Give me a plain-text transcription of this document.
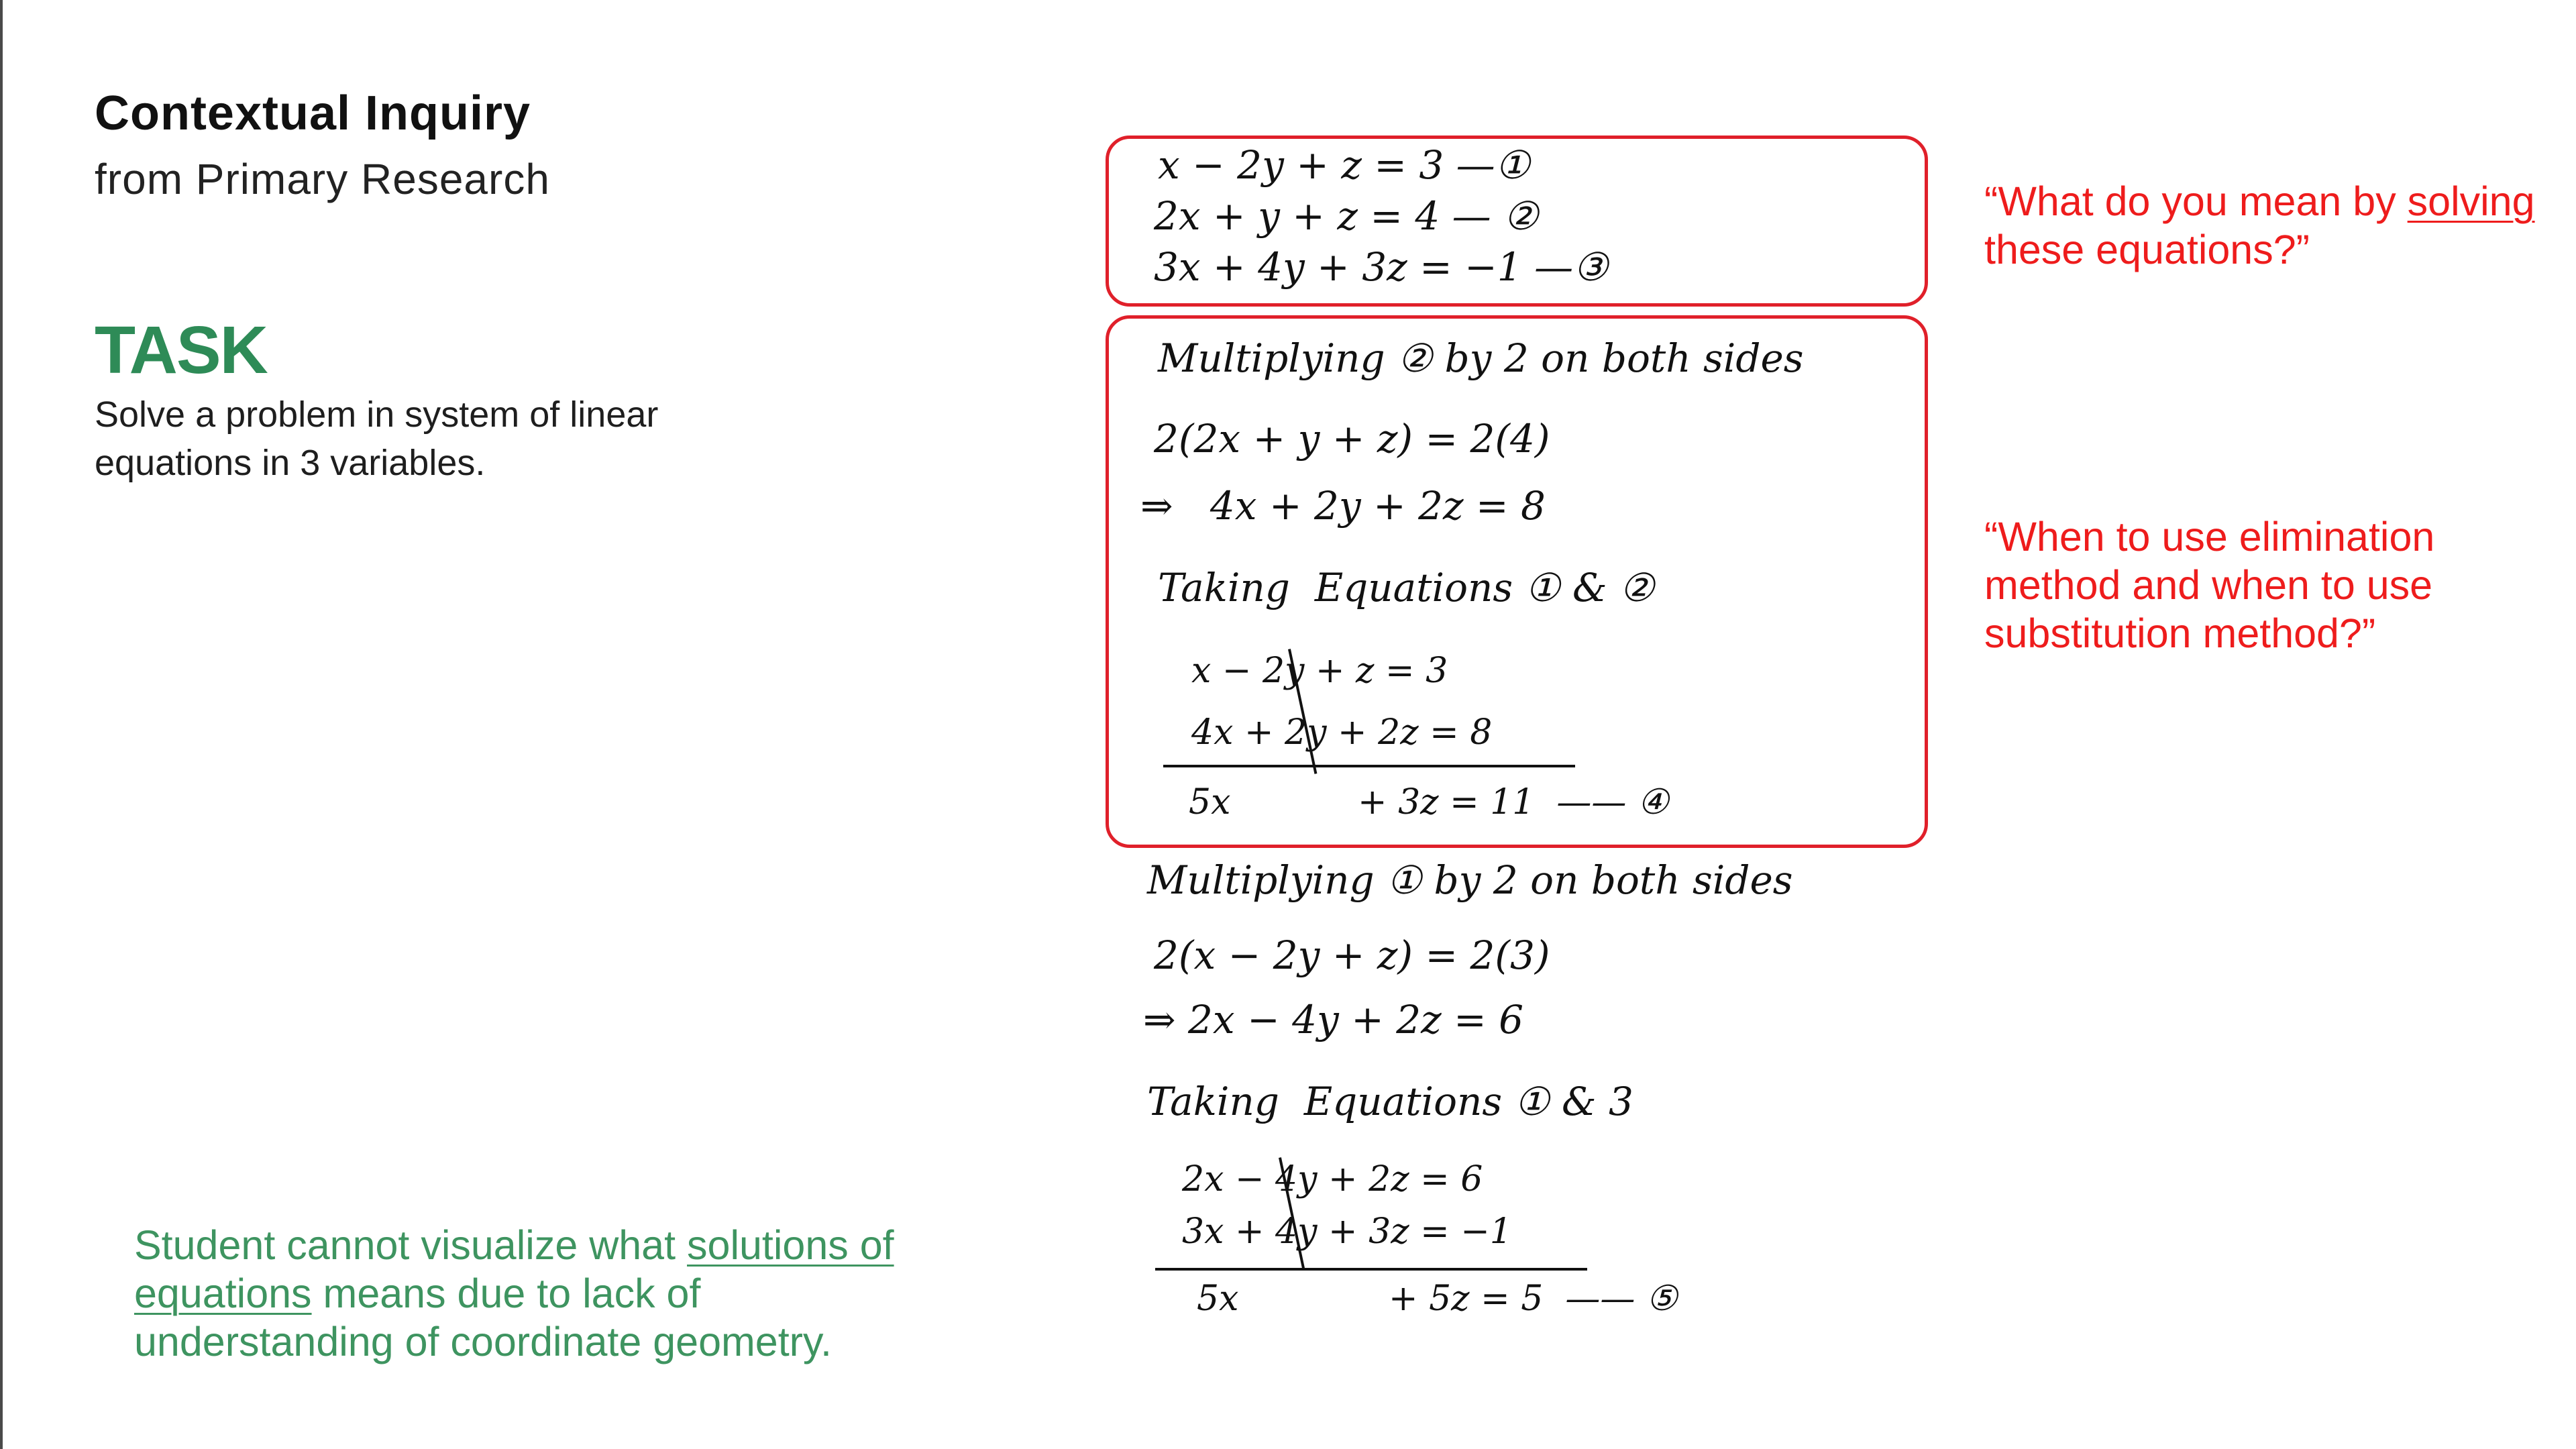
Contextual Inquiry
from Primary Research
TASK
Solve a problem in system of linear equations in 3 variables.
Student cannot visualize what solutions of equations means due to lack of understanding of coordinate geometry.
“What do you mean by solving these equations?”
“When to use elimination method and when to use substitution method?”
x − 2y + z = 3 —①
2x + y + z = 4 — ②
3x + 4y + 3z = −1 —③
Multiplying ② by 2 on both sides
2(2x + y + z) = 2(4)
⇒   4x + 2y + 2z = 8
Taking  Equations ① & ②
x − 2y + z = 3
4x + 2y + 2z = 8
5x	+ 3z = 11  —— ④
Multiplying ① by 2 on both sides
2(x − 2y + z) = 2(3)
⇒ 2x − 4y + 2z = 6
Taking  Equations ① & 3
2x − 4y + 2z = 6
3x + 4y + 3z = −1
5x	+ 5z = 5  —— ⑤
